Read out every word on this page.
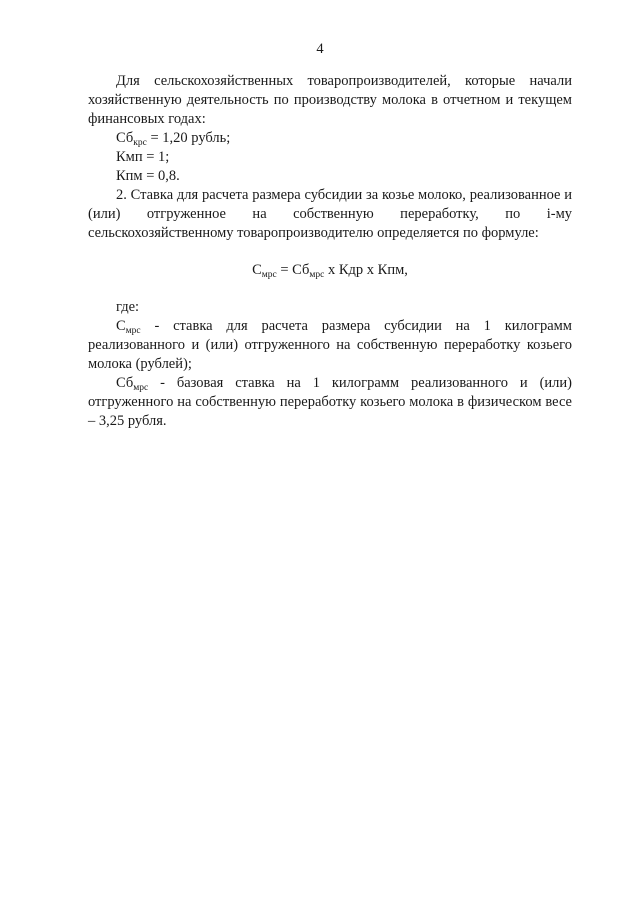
4

Для сельскохозяйственных товаропроизводителей, которые начали хозяйственную деятельность по производству молока в отчетном и текущем финансовых годах:

$Сб_{крс} = 1,20$ рубль;

Кмп = 1;

Кпм = 0,8.

2. Ставка для расчета размера субсидии за козье молоко, реализованное и (или) отгруженное на собственную переработку, по i-му сельскохозяйственному товаропроизводителю определяется по формуле:

$С_{мрс} = Сб_{мрс}$ x Кдр x Кпм,

где:

$С_{мрс}$ - ставка для расчета размера субсидии на 1 килограмм реализованного и (или) отгруженного на собственную переработку козьего молока (рублей);

$Сб_{мрс}$ - базовая ставка на 1 килограмм реализованного и (или) отгруженного на собственную переработку козьего молока в физическом весе – 3,25 рубля.
